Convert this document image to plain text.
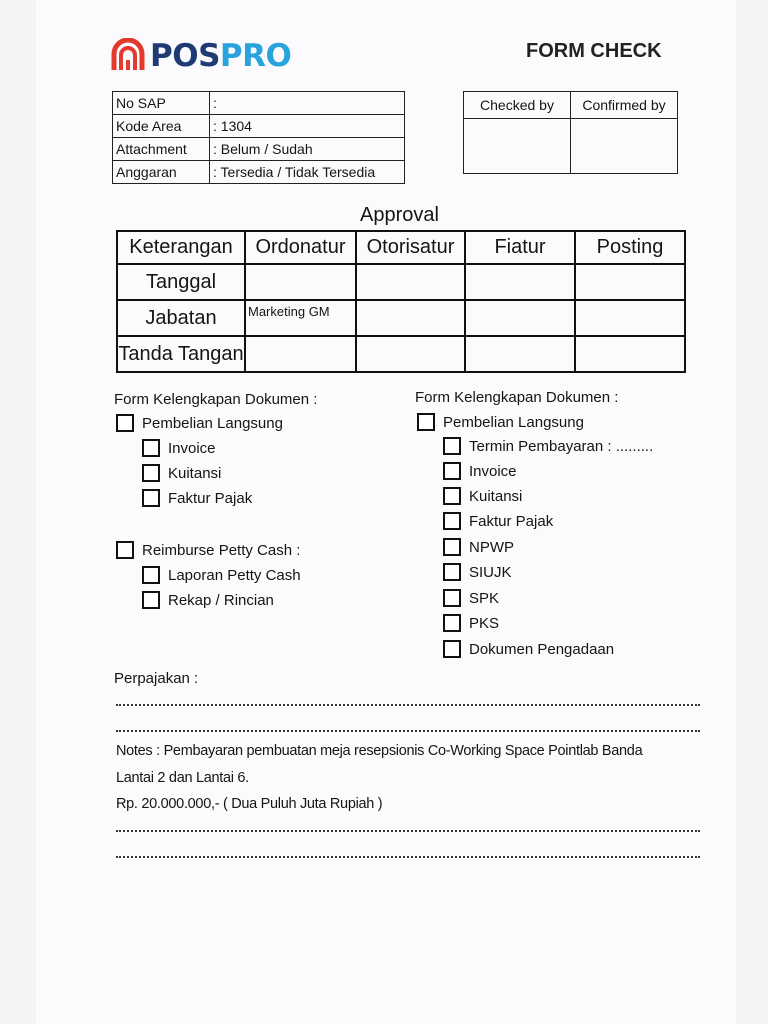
POSPRO	FORM CHECK
No SAP	:
Kode Area	: 1304
Attachment	: Belum / Sudah
Anggaran	: Tersedia / Tidak Tersedia
Checked by	Confirmed by

Approval
Keterangan	Ordonatur	Otorisatur	Fiatur	Posting
Tanggal				
Jabatan	Marketing GM			
Tanda Tangan				
Form Kelengkapan Dokumen :
Pembelian Langsung
Invoice
Kuitansi
Faktur Pajak
Reimburse Petty Cash :
Laporan Petty Cash
Rekap / Rincian
Form Kelengkapan Dokumen :
Pembelian Langsung
Termin Pembayaran : .........
Invoice
Kuitansi
Faktur Pajak
NPWP
SIUJK
SPK
PKS
Dokumen Pengadaan
Perpajakan :
Notes : Pembayaran pembuatan meja resepsionis Co-Working Space Pointlab Banda
Lantai 2 dan Lantai 6.
Rp. 20.000.000,- ( Dua Puluh Juta Rupiah )
